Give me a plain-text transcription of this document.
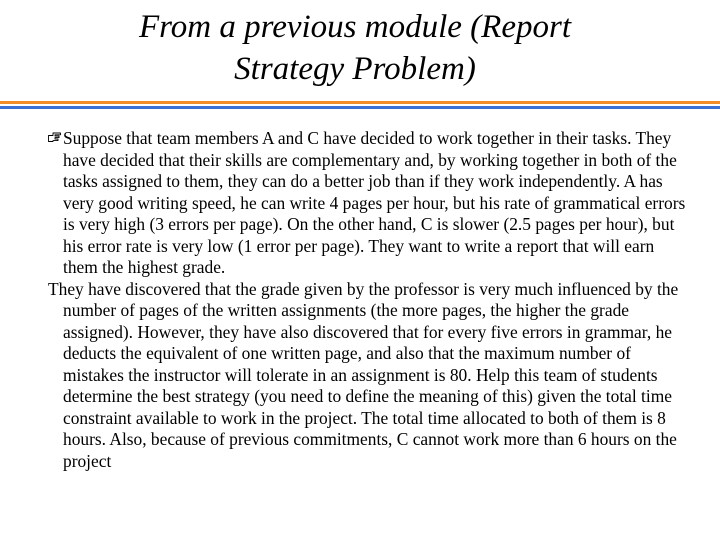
From a previous module (Report
Strategy Problem)

Suppose that team members A and C have decided to work together in their tasks. They have decided that their skills are complementary and, by working together in both of the tasks assigned to them, they can do a better job than if they work independently. A has very good writing speed, he can write 4 pages per hour, but his rate of grammatical errors is very high (3 errors per page). On the other hand, C is slower (2.5 pages per hour), but his error rate is very low (1 error per page). They want to write a report that will earn them the highest grade.

They have discovered that the grade given by the professor is very much influenced by the number of pages of the written assignments (the more pages, the higher the grade assigned). However, they have also discovered that for every five errors in grammar, he deducts the equivalent of one written page, and also that the maximum number of mistakes the instructor will tolerate in an assignment is 80. Help this team of students determine the best strategy (you need to define the meaning of this) given the total time constraint available to work in the project. The total time allocated to both of them is 8 hours. Also, because of previous commitments, C cannot work more than 6 hours on the project
